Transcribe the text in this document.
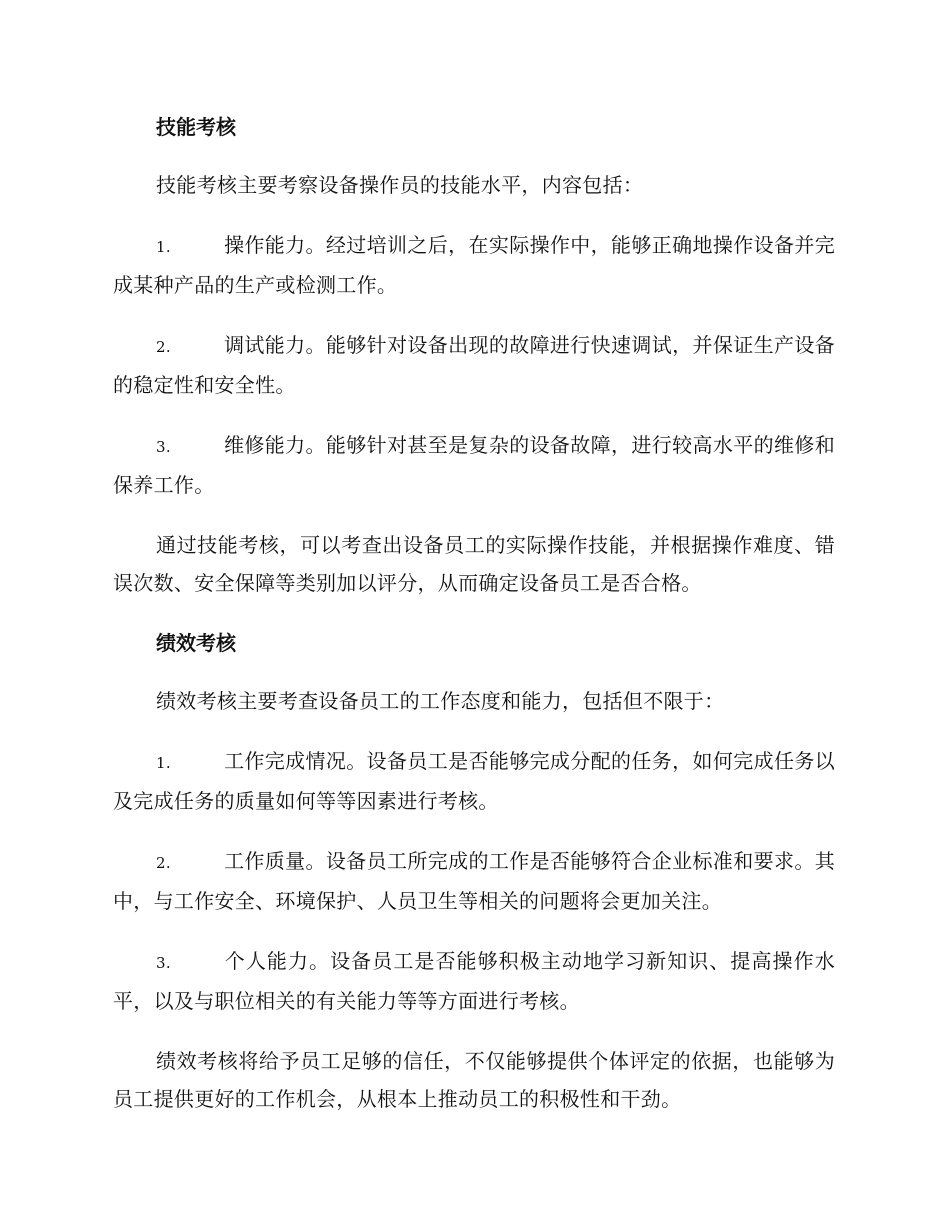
技能考核

技能考核主要考察设备操作员的技能水平，内容包括：

1.	操作能力。经过培训之后，在实际操作中，能够正确地操作设备并完成某种产品的生产或检测工作。

2.	调试能力。能够针对设备出现的故障进行快速调试，并保证生产设备的稳定性和安全性。

3.	维修能力。能够针对甚至是复杂的设备故障，进行较高水平的维修和保养工作。

通过技能考核，可以考查出设备员工的实际操作技能，并根据操作难度、错误次数、安全保障等类别加以评分，从而确定设备员工是否合格。

绩效考核

绩效考核主要考查设备员工的工作态度和能力，包括但不限于：

1.	工作完成情况。设备员工是否能够完成分配的任务，如何完成任务以及完成任务的质量如何等等因素进行考核。

2.	工作质量。设备员工所完成的工作是否能够符合企业标准和要求。其中，与工作安全、环境保护、人员卫生等相关的问题将会更加关注。

3.	个人能力。设备员工是否能够积极主动地学习新知识、提高操作水平，以及与职位相关的有关能力等等方面进行考核。

绩效考核将给予员工足够的信任，不仅能够提供个体评定的依据，也能够为员工提供更好的工作机会，从根本上推动员工的积极性和干劲。
